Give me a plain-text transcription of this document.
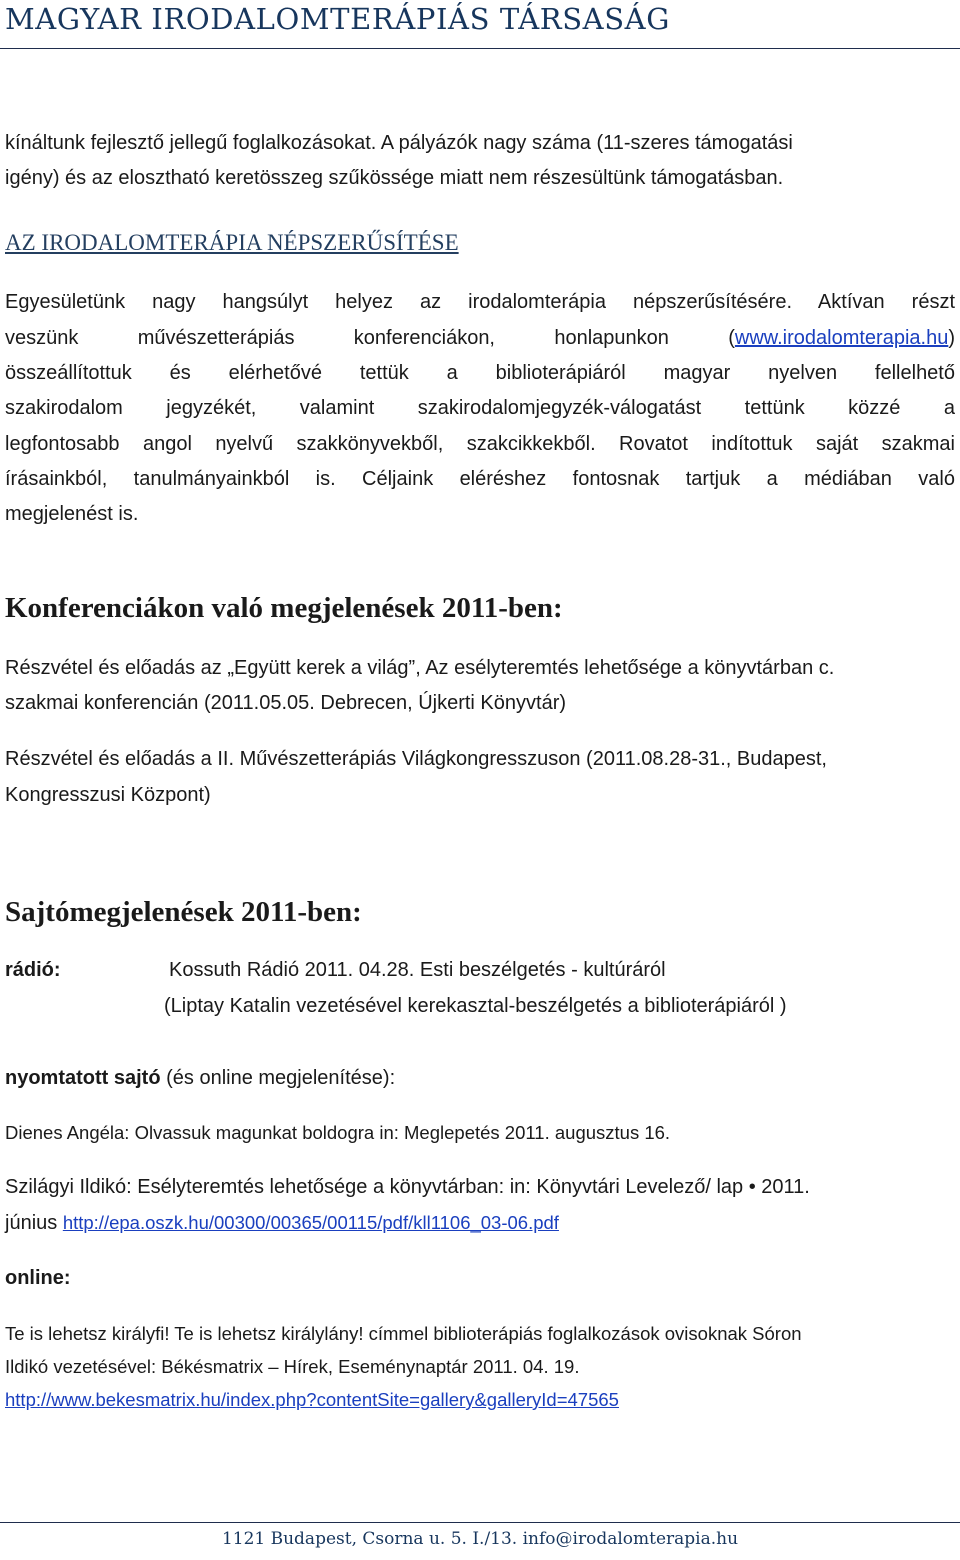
MAGYAR IRODALOMTERÁPIÁS TÁRSASÁG

kínáltunk fejlesztő jellegű foglalkozásokat. A pályázók nagy száma (11-szeres támogatási

igény) és az elosztható keretösszeg szűkössége miatt nem részesültünk támogatásban.

AZ IRODALOMTERÁPIA NÉPSZERŰSÍTÉSE

Egyesületünk nagy hangsúlyt helyez az irodalomterápia népszerűsítésére. Aktívan részt

veszünk művészetterápiás konferenciákon, honlapunkon (www.irodalomterapia.hu)

összeállítottuk és elérhetővé tettük a biblioterápiáról magyar nyelven fellelhető

szakirodalom jegyzékét, valamint szakirodalomjegyzék-válogatást tettünk közzé a

legfontosabb angol nyelvű szakkönyvekből, szakcikkekből. Rovatot indítottuk saját szakmai

írásainkból, tanulmányainkból is. Céljaink eléréshez fontosnak tartjuk a médiában való

megjelenést is.

Konferenciákon való megjelenések 2011-ben:

Részvétel és előadás az „Együtt kerek a világ”, Az esélyteremtés lehetősége a könyvtárban c.

szakmai konferencián (2011.05.05. Debrecen, Újkerti Könyvtár)

Részvétel és előadás a II. Művészetterápiás Világkongresszuson (2011.08.28-31., Budapest,

Kongresszusi Központ)

Sajtómegjelenések 2011-ben:

rádió:	Kossuth Rádió 2011. 04.28. Esti beszélgetés - kultúráról

(Liptay Katalin vezetésével kerekasztal-beszélgetés a biblioterápiáról )

nyomtatott sajtó (és online megjelenítése):

Dienes Angéla: Olvassuk magunkat boldogra in: Meglepetés 2011. augusztus 16.

Szilágyi Ildikó: Esélyteremtés lehetősége a könyvtárban: in: Könyvtári Levelező/ lap • 2011.

június http://epa.oszk.hu/00300/00365/00115/pdf/kll1106_03-06.pdf

online:

Te is lehetsz királyfi! Te is lehetsz királylány! címmel biblioterápiás foglalkozások ovisoknak Sóron

Ildikó vezetésével: Békésmatrix – Hírek, Eseménynaptár 2011. 04. 19.

http://www.bekesmatrix.hu/index.php?contentSite=gallery&galleryId=47565

1121 Budapest, Csorna u. 5. I./13. info@irodalomterapia.hu
